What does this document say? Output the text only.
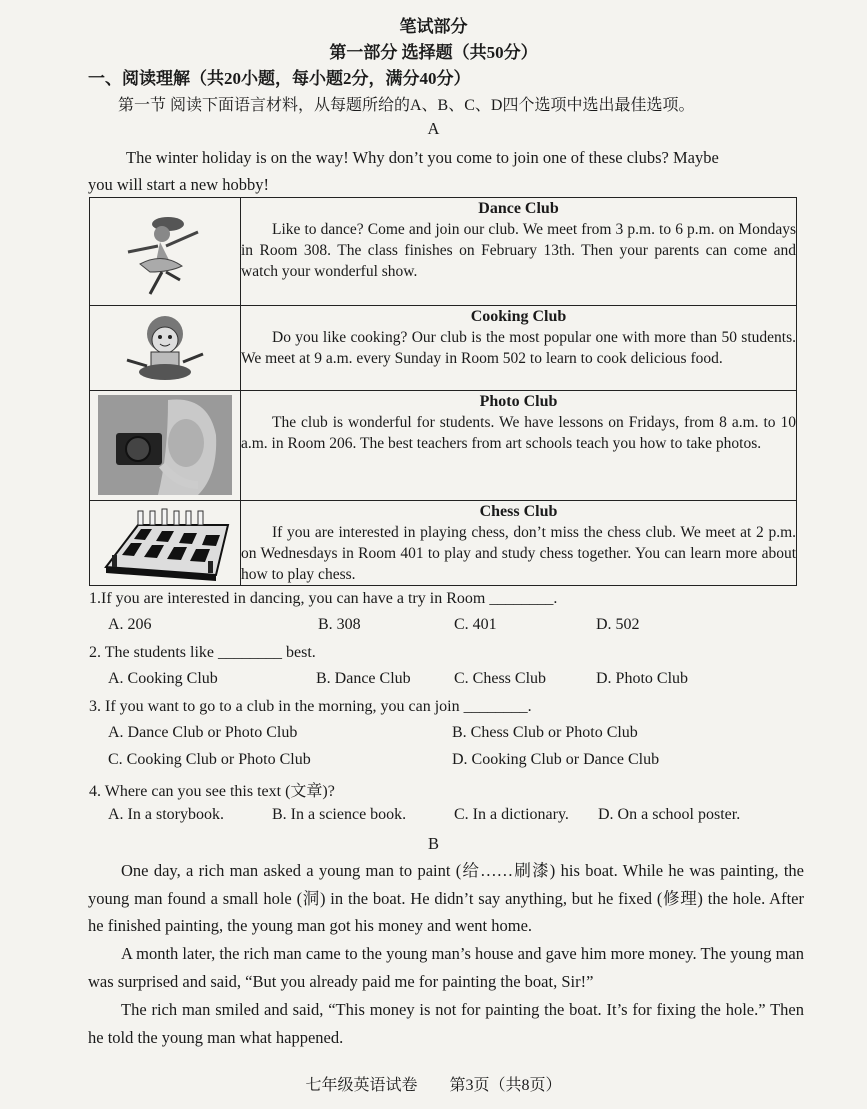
笔试部分
第一部分 选择题（共50分）
一、阅读理解（共20小题，每小题2分，满分40分）
第一节 阅读下面语言材料，从每题所给的A、B、C、D四个选项中选出最佳选项。
A
The winter holiday is on the way! Why don’t you come to join one of these clubs? Maybe
you will start a new hobby!

Dance Club
Like to dance? Come and join our club. We meet from 3 p.m. to 6 p.m. on Mondays in Room 308. The class finishes on February 13th. Then your parents can come and watch your wonderful show.

Cooking Club
Do you like cooking? Our club is the most popular one with more than 50 students. We meet at 9 a.m. every Sunday in Room 502 to learn to cook delicious food.

Photo Club
The club is wonderful for students. We have lessons on Fridays, from 8 a.m. to 10 a.m. in Room 206. The best teachers from art schools teach you how to take photos.

Chess Club
If you are interested in playing chess, don’t miss the chess club. We meet at 2 p.m. on Wednesdays in Room 401 to play and study chess together. You can learn more about how to play chess.
1.If you are interested in dancing, you can have a try in Room ________.
A. 206	B. 308	C. 401	D. 502
2. The students like ________ best.
A. Cooking Club	B. Dance Club	C. Chess Club	D. Photo Club
3. If you want to go to a club in the morning, you can join ________.
A. Dance Club or Photo Club	B. Chess Club or Photo Club
C. Cooking Club or Photo Club	D. Cooking Club or Dance Club
4. Where can you see this text (文章)?
A. In a storybook.	B. In a science book.	C. In a dictionary. D. On a school poster.
B
One day, a rich man asked a young man to paint (给……刷漆) his boat. While he was painting, the young man found a small hole (洞) in the boat. He didn’t say anything, but he fixed (修理) the hole. After he finished painting, the young man got his money and went home.
A month later, the rich man came to the young man’s house and gave him more money. The young man was surprised and said, “But you already paid me for painting the boat, Sir!”
The rich man smiled and said, “This money is not for painting the boat. It’s for fixing the hole.” Then he told the young man what happened.
七年级英语试卷　　第3页（共8页）
